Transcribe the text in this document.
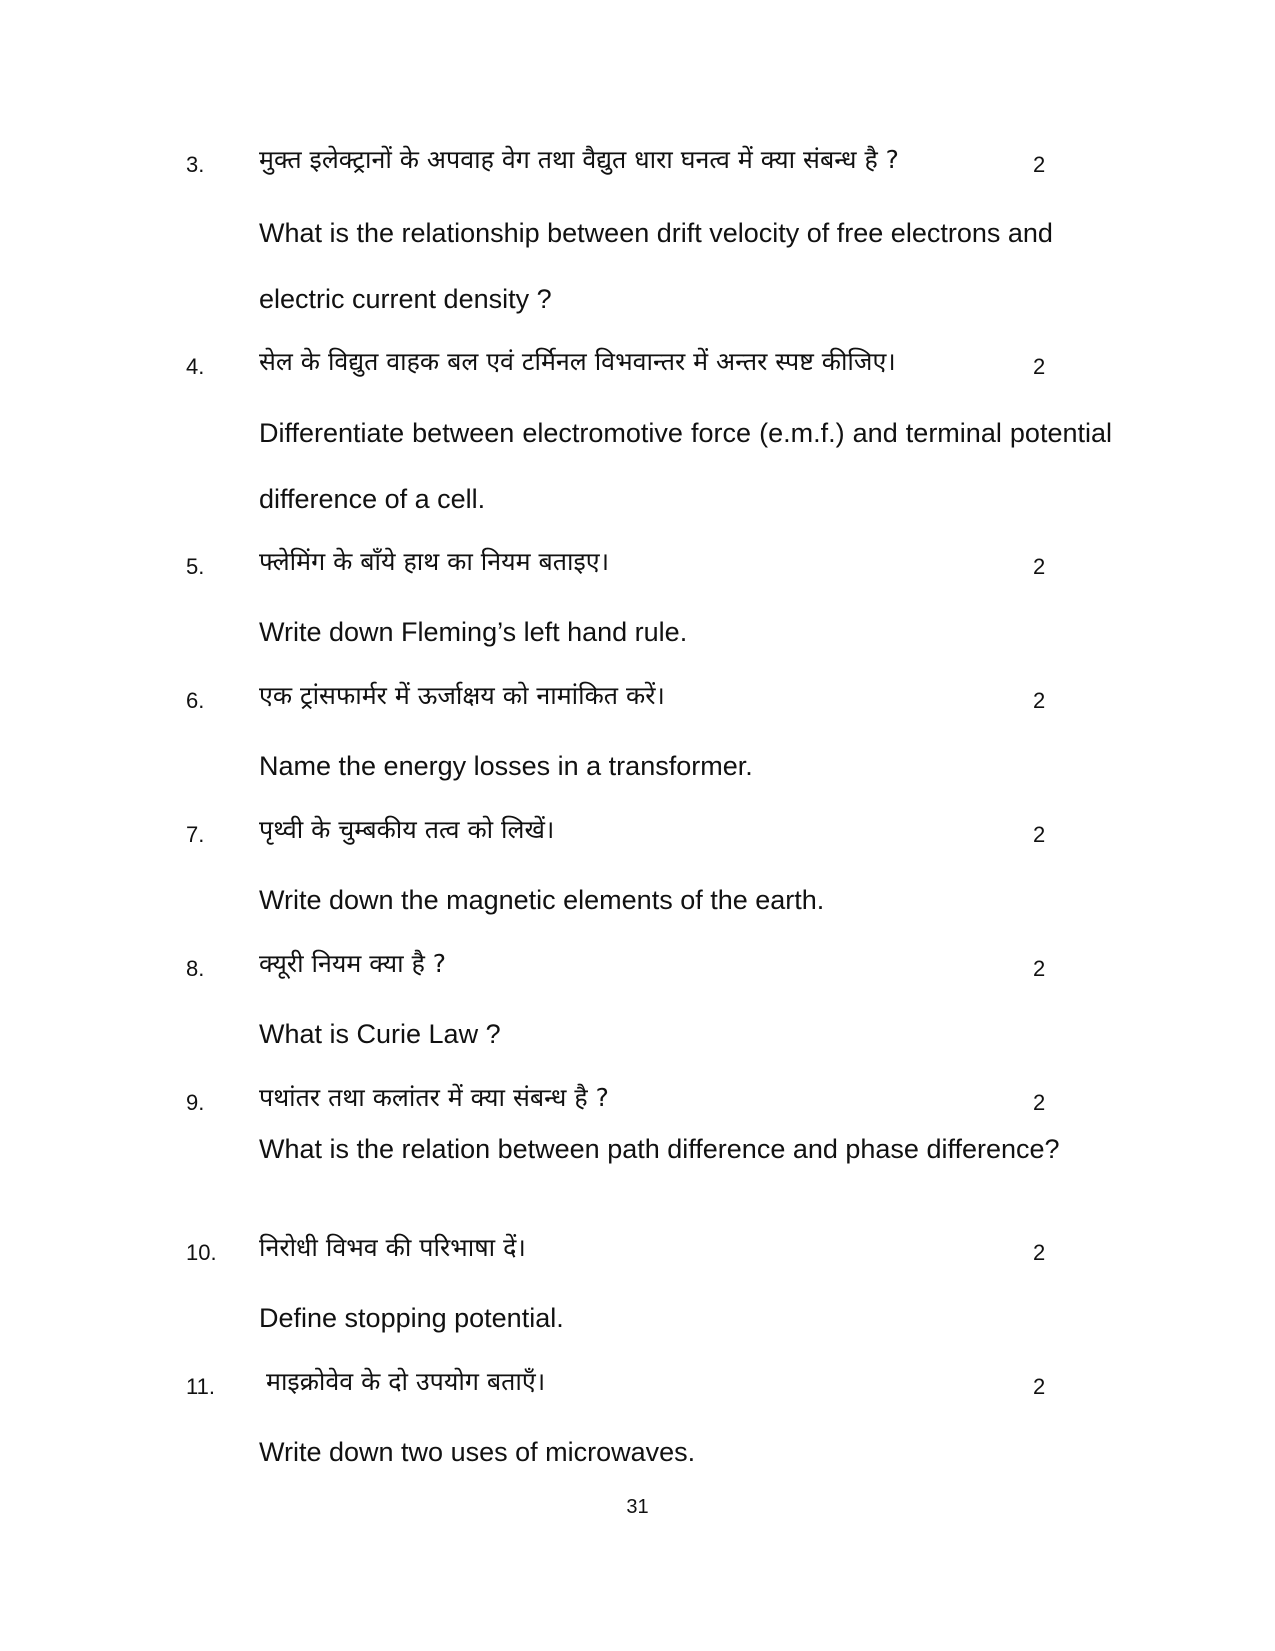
3. मुक्त इलेक्ट्रानों के अपवाह वेग तथा वैद्युत धारा घनत्व में क्या संबन्ध है ?	2
What is the relationship between drift velocity of free electrons and electric current density ?
4. सेल के विद्युत वाहक बल एवं टर्मिनल विभवान्तर में अन्तर स्पष्ट कीजिए।	2
Differentiate between electromotive force (e.m.f.) and terminal potential difference of a cell.
5. फ्लेमिंग के बाँये हाथ का नियम बताइए।	2
Write down Fleming’s left hand rule.
6. एक ट्रांसफार्मर में ऊर्जाक्षय को नामांकित करें।	2
Name the energy losses in a transformer.
7. पृथ्वी के चुम्बकीय तत्व को लिखें।	2
Write down the magnetic elements of the earth.
8. क्यूरी नियम क्या है ?	2
What is Curie Law ?
9. पथांतर तथा कलांतर में क्या संबन्ध है ?	2
What is the relation between path difference and phase difference?
10. निरोधी विभव की परिभाषा दें।	2
Define stopping potential.
11. माइक्रोवेव के दो उपयोग बताएँ।	2
Write down two uses of microwaves.
31
